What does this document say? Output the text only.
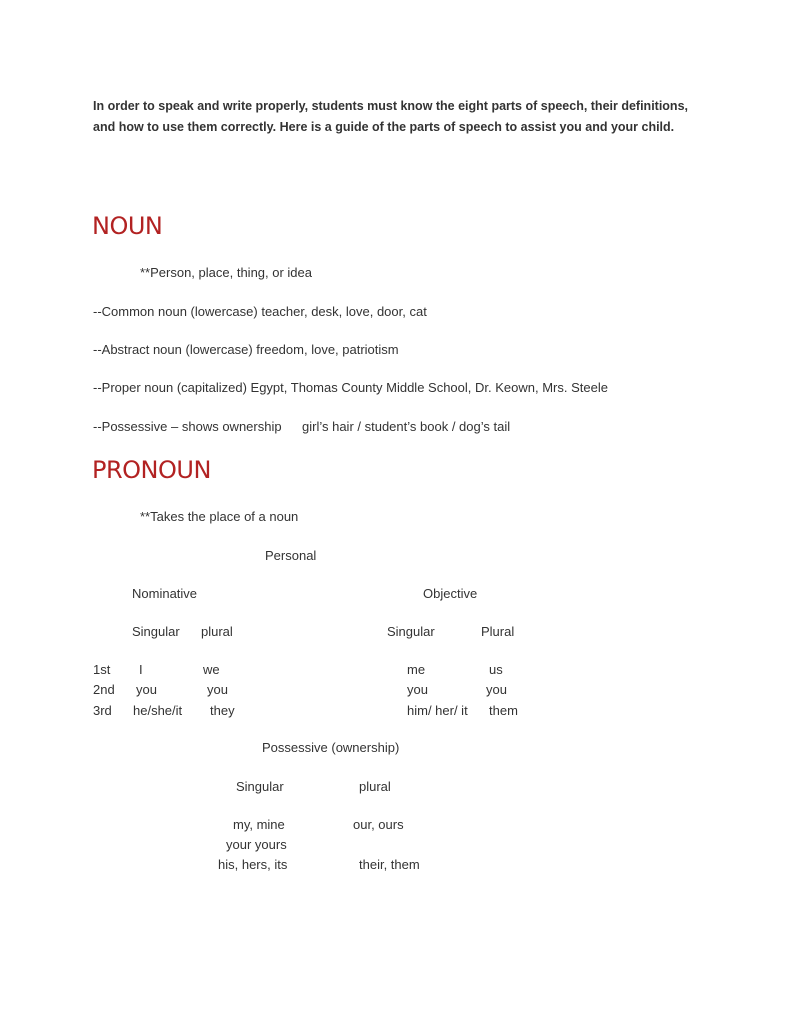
In order to speak and write properly, students must know the eight parts of speech, their definitions, and how to use them correctly. Here is a guide of the parts of speech to assist you and your child.
NOUN
**Person, place, thing, or idea
--Common noun (lowercase) teacher, desk, love, door, cat
--Abstract noun (lowercase) freedom, love, patriotism
--Proper noun (capitalized) Egypt, Thomas County Middle School, Dr. Keown, Mrs. Steele
--Possessive – shows ownership girl’s hair / student’s book / dog’s tail
PRONOUN
**Takes the place of a noun
Personal
Nominative	Objective
Singular plural	Singular	Plural
1st I	we	me	us
2nd you	you	you	you
3rd he/she/it they	him/ her/ it them
Possessive (ownership)
Singular	plural
my, mine	our, ours
your yours
his, hers, its	their, them
